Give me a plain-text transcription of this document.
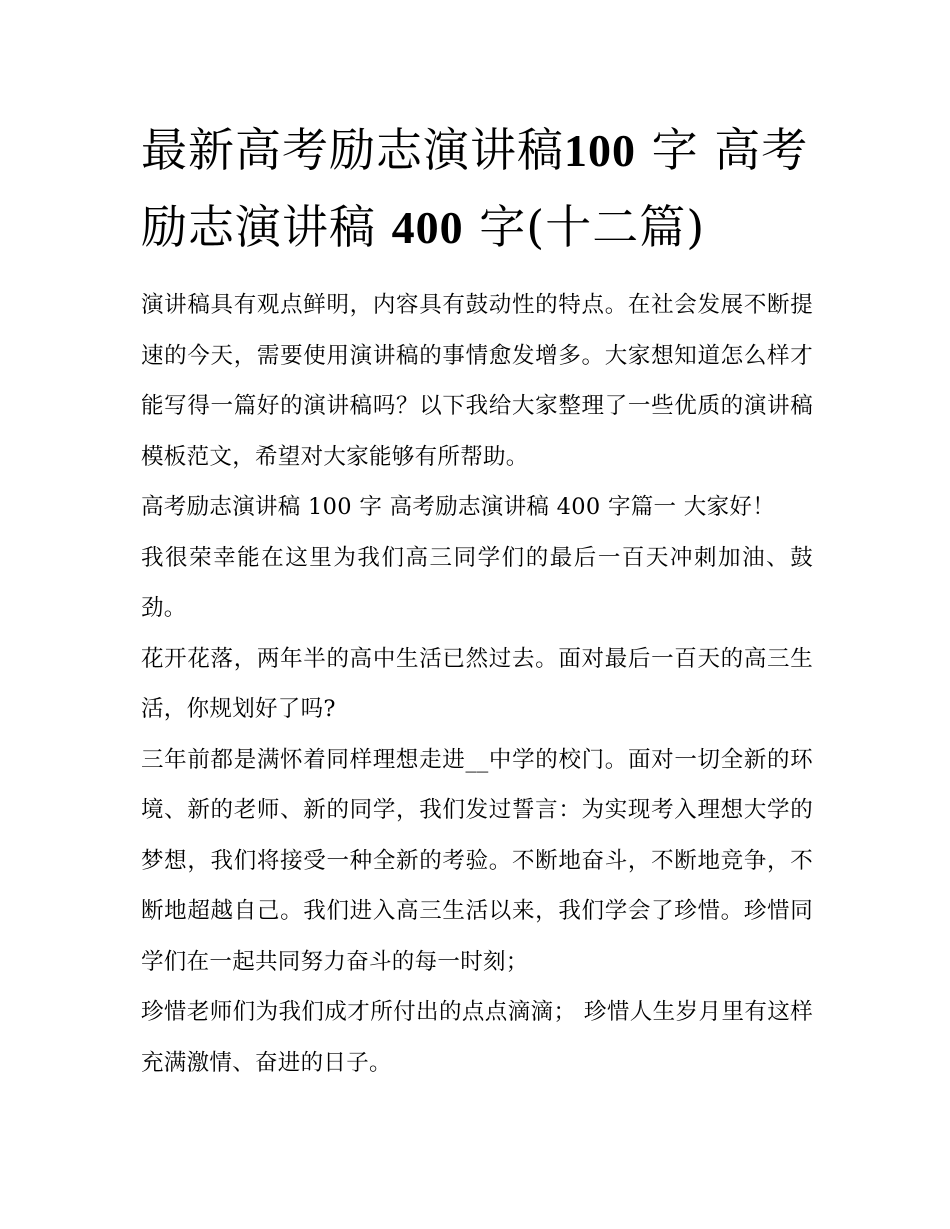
最新高考励志演讲稿100 字 高考励志演讲稿 400 字(十二篇)

演讲稿具有观点鲜明，内容具有鼓动性的特点。在社会发展不断提速的今天，需要使用演讲稿的事情愈发增多。大家想知道怎么样才能写得一篇好的演讲稿吗？以下我给大家整理了一些优质的演讲稿模板范文，希望对大家能够有所帮助。

高考励志演讲稿 100 字 高考励志演讲稿 400 字篇一 大家好！

我很荣幸能在这里为我们高三同学们的最后一百天冲刺加油、鼓劲。

花开花落，两年半的高中生活已然过去。面对最后一百天的高三生活，你规划好了吗?

三年前都是满怀着同样理想走进__中学的校门。面对一切全新的环境、新的老师、新的同学，我们发过誓言：为实现考入理想大学的梦想，我们将接受一种全新的考验。不断地奋斗，不断地竞争，不断地超越自己。我们进入高三生活以来，我们学会了珍惜。珍惜同学们在一起共同努力奋斗的每一时刻；

珍惜老师们为我们成才所付出的点点滴滴； 珍惜人生岁月里有这样充满激情、奋进的日子。
